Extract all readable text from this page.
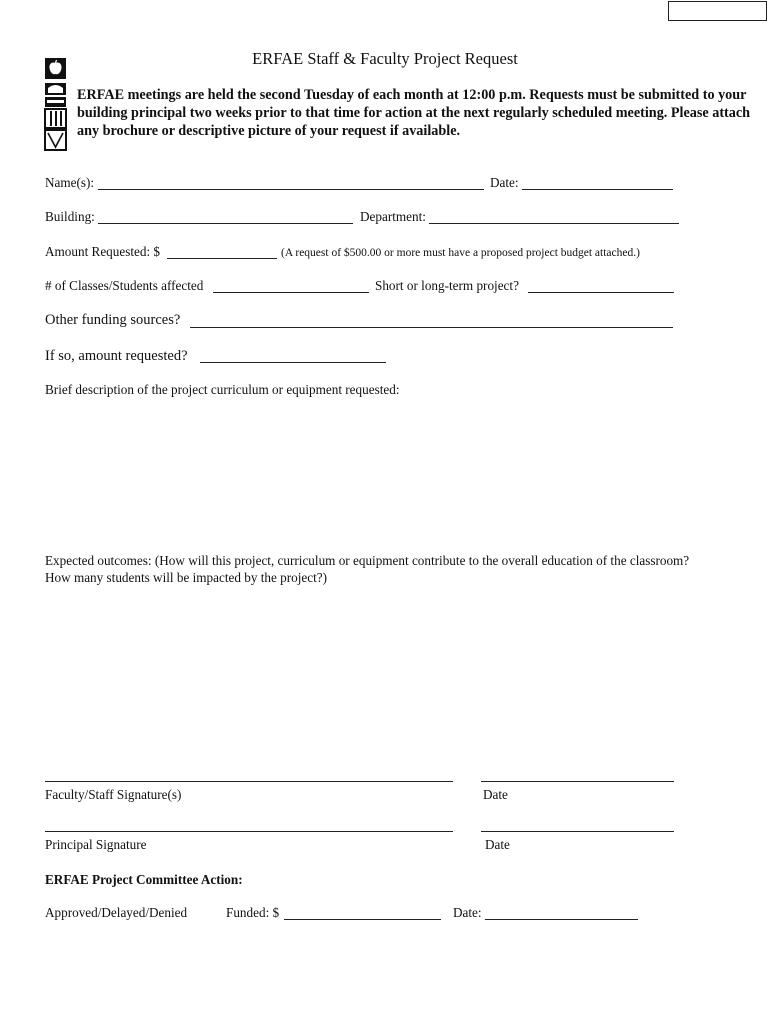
ERFAE Staff & Faculty Project Request
ERFAE meetings are held the second Tuesday of each month at 12:00 p.m. Requests must be submitted to your building principal two weeks prior to that time for action at the next regularly scheduled meeting. Please attach any brochure or descriptive picture of your request if available.
Name(s):	Date:
Building:	Department:
Amount Requested: $	(A request of $500.00 or more must have a proposed project budget attached.)
# of Classes/Students affected	Short or long-term project?
Other funding sources?
If so, amount requested?
Brief description of the project curriculum or equipment requested:
Expected outcomes: (How will this project, curriculum or equipment contribute to the overall education of the classroom?
How many students will be impacted by the project?)
Faculty/Staff Signature(s)	Date
Principal Signature	Date
ERFAE Project Committee Action:
Approved/Delayed/Denied	Funded: $	Date:
